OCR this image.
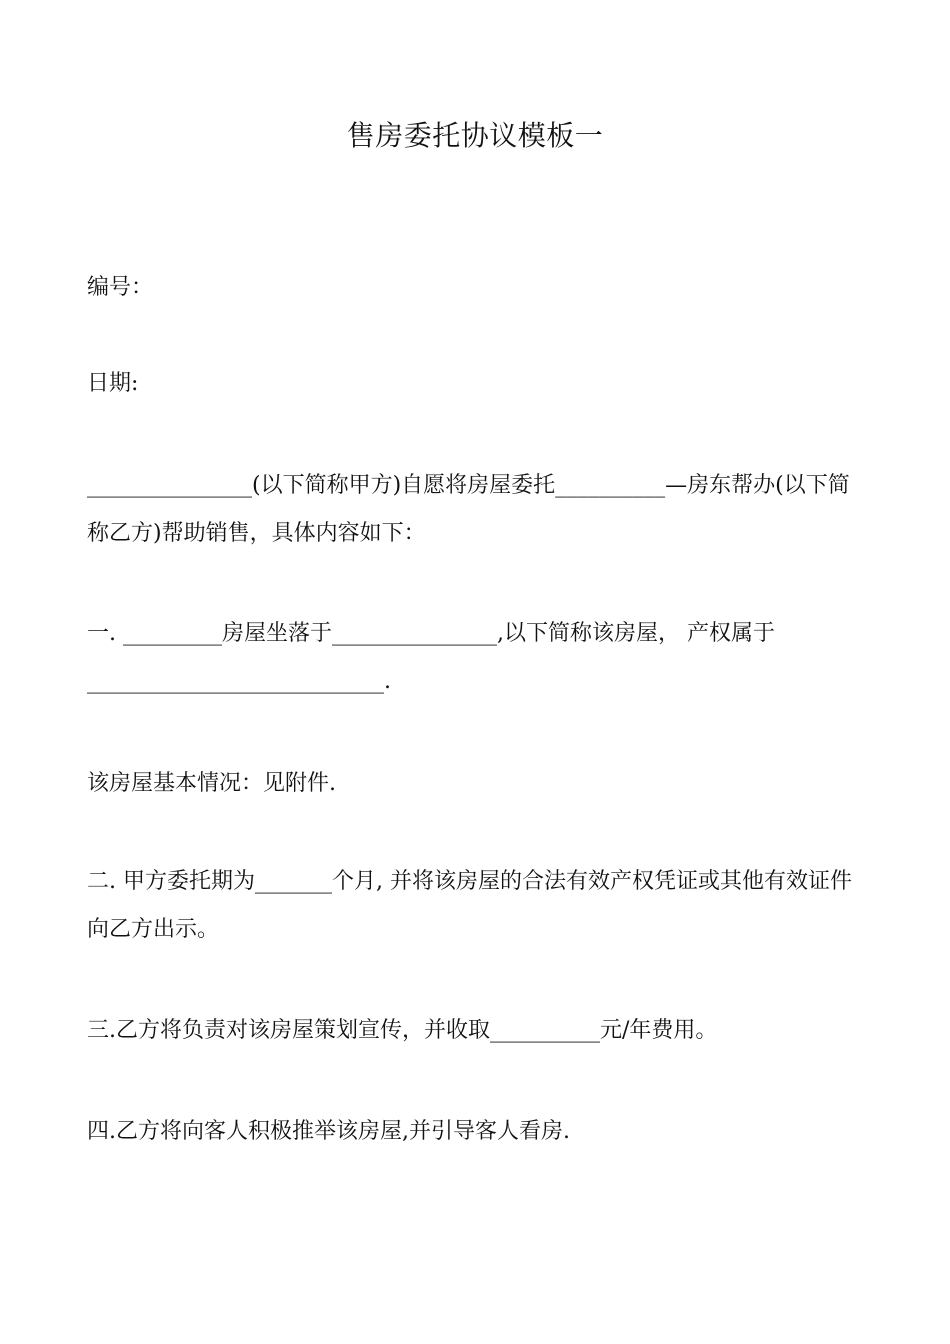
售房委托协议模板一
编号：
日期:
_______________(以下简称甲方)自愿将房屋委托__________—房东帮办(以下简称乙方)帮助销售，具体内容如下：
一. _________房屋坐落于_______________,以下简称该房屋， 产权属于___________________________.
该房屋基本情况：见附件.
二. 甲方委托期为_______个月, 并将该房屋的合法有效产权凭证或其他有效证件向乙方出示。
三.乙方将负责对该房屋策划宣传，并收取__________元/年费用。
四.乙方将向客人积极推举该房屋,并引导客人看房.
